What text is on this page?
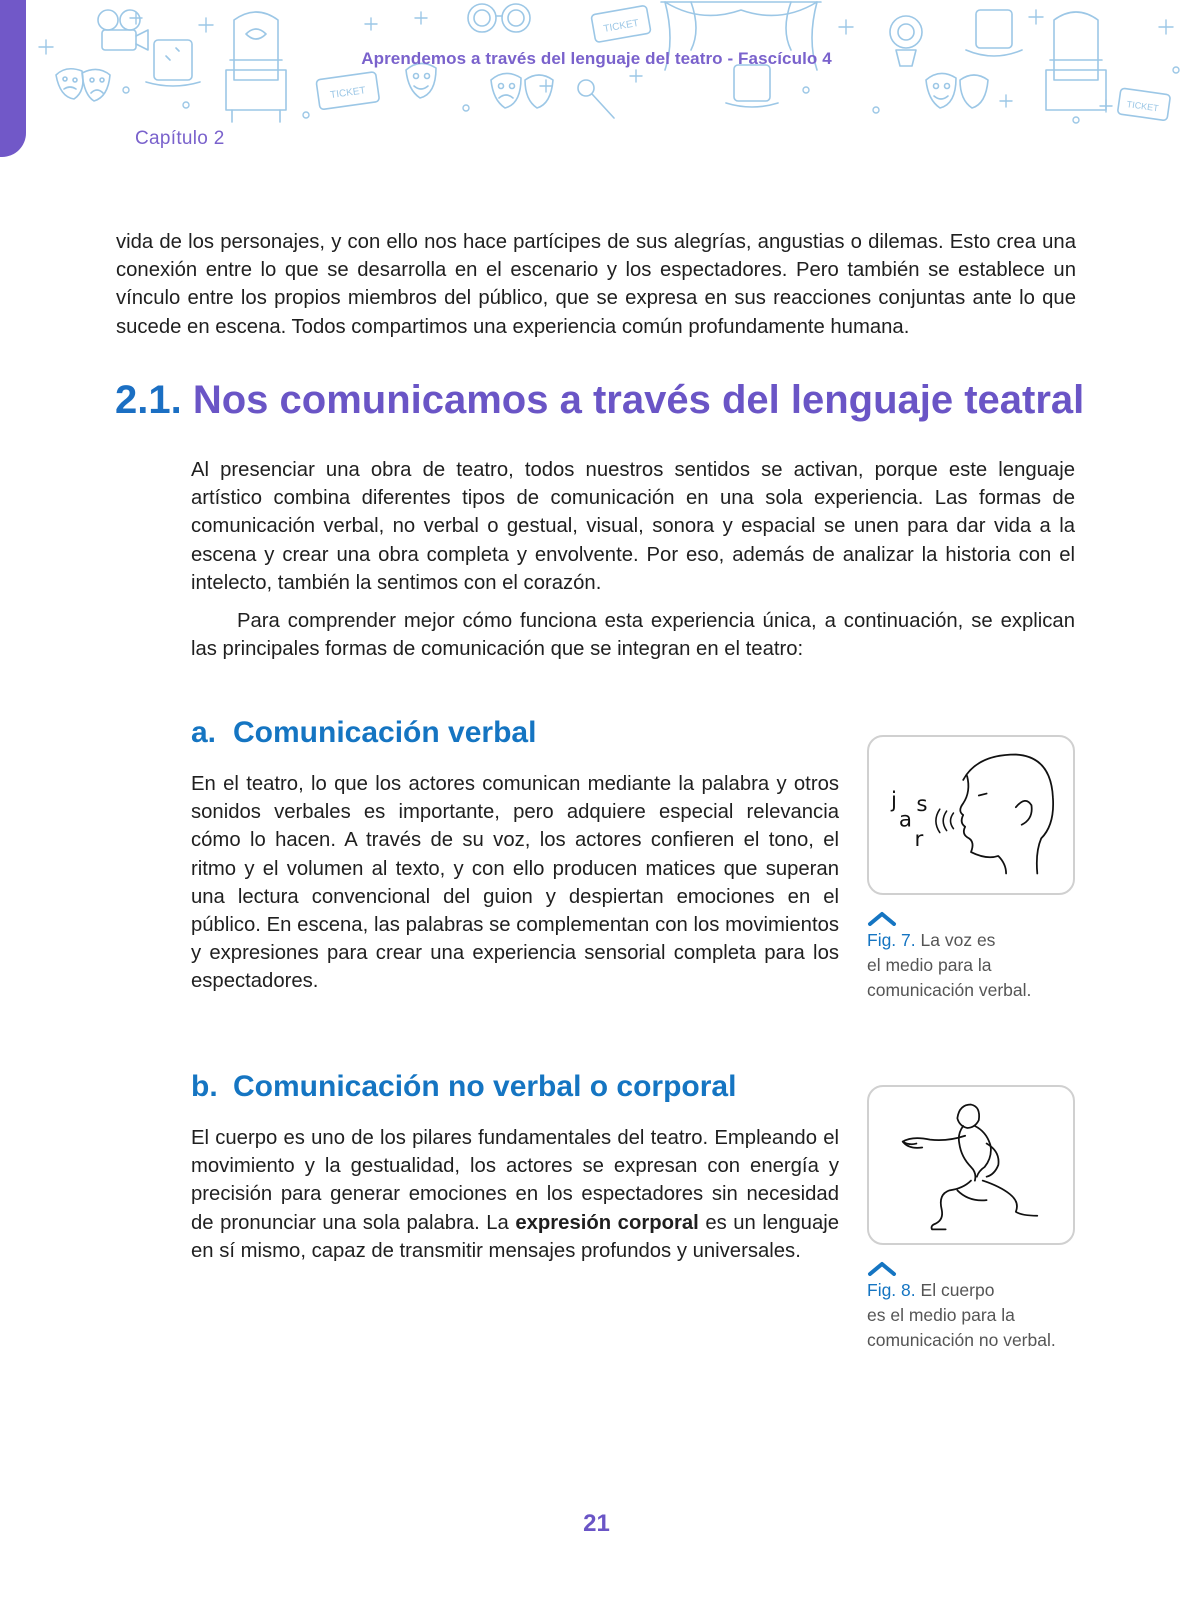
TICKET
TICKET
TICKET
Aprendemos a través del lenguaje del teatro - Fascículo 4
Capítulo 2

vida de los personajes, y con ello nos hace partícipes de sus alegrías, angustias o dilemas. Esto crea una conexión entre lo que se desarrolla en el escenario y los espectadores. Pero también se establece un vínculo entre los propios miembros del público, que se expresa en sus reacciones conjuntas ante lo que sucede en escena. Todos compartimos una experiencia común profundamente humana.

2.1. Nos comunicamos a través del lenguaje teatral

Al presenciar una obra de teatro, todos nuestros sentidos se activan, porque este lenguaje artístico combina diferentes tipos de comunicación en una sola experiencia. Las formas de comunicación verbal, no verbal o gestual, visual, sonora y espacial se unen para dar vida a la escena y crear una obra completa y envolvente. Por eso, además de analizar la historia con el intelecto, también la sentimos con el corazón.

Para comprender mejor cómo funciona esta experiencia única, a continuación, se explican las principales formas de comunicación que se integran en el teatro:

a. Comunicación verbal

En el teatro, lo que los actores comunican mediante la palabra y otros sonidos verbales es importante, pero adquiere especial relevancia cómo lo hacen. A través de su voz, los actores confieren el tono, el ritmo y el volumen al texto, y con ello producen matices que superan una lectura convencional del guion y despiertan emociones en el público. En escena, las palabras se complementan con los movimientos y expresiones para crear una experiencia sensorial completa para los espectadores.

j
a
s
r
Fig. 7. La voz es
el medio para la
comunicación verbal.
b. Comunicación no verbal o corporal

El cuerpo es uno de los pilares fundamentales del teatro. Empleando el movimiento y la gestualidad, los actores se expresan con energía y precisión para generar emociones en los espectadores sin necesidad de pronunciar una sola palabra. La expresión corporal es un lenguaje en sí mismo, capaz de transmitir mensajes profundos y universales.

Fig. 8. El cuerpo
es el medio para la
comunicación no verbal.
21
